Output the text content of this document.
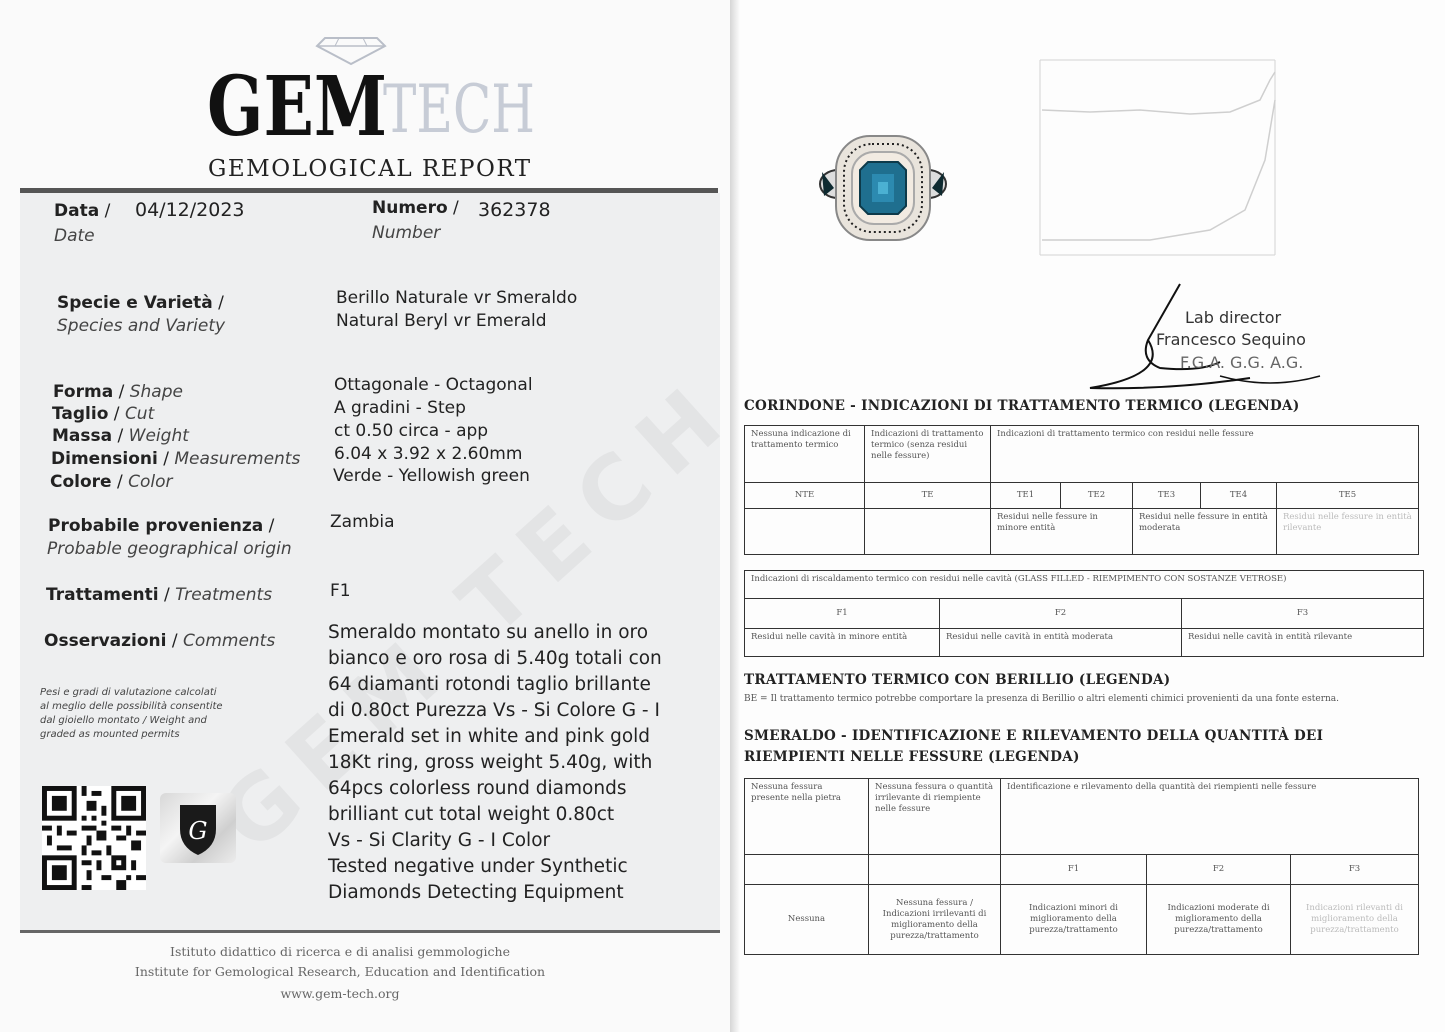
GEM
TECH
GEMOLOGICAL REPORT
Data / 04/12/2023
Date
Numero / 362378
Number
Specie e Varietà /
Species and Variety
Berillo Naturale vr Smeraldo
Natural Beryl vr Emerald
Forma / Shape	Ottagonale - Octagonal
Taglio / Cut	A gradini - Step
Massa / Weight	ct 0.50 circa - app
Dimensioni / Measurements 6.04 x 3.92 x 2.60mm
Colore / Color	Verde - Yellowish green
Probabile provenienza /
Probable geographical origin
Zambia
Trattamenti / Treatments	F1
Osservazioni / Comments	Smeraldo montato su anello in oro
bianco e oro rosa di 5.40g totali con
64 diamanti rotondi taglio brillante
di 0.80ct Purezza Vs - Si Colore G - I
Emerald set in white and pink gold
18Kt ring, gross weight 5.40g, with
64pcs colorless round diamonds
brilliant cut total weight 0.80ct
Vs - Si Clarity G - I Color
Tested negative under Synthetic
Diamonds Detecting Equipment
Pesi e gradi di valutazione calcolati
al meglio delle possibilità consentite
dal gioiello montato / Weight and
graded as mounted permits
G
Istituto didattico di ricerca e di analisi gemmologiche
Institute for Gemological Research, Education and Identification
www.gem-tech.org
Lab director
Francesco Sequino
F.G.A. G.G. A.G.
CORINDONE - INDICAZIONI DI TRATTAMENTO TERMICO (LEGENDA)
Nessuna indicazione di trattamento termico	Indicazioni di trattamento termico (senza residui nelle fessure)	Indicazioni di trattamento termico con residui nelle fessure				
NTE	TE	TE1	TE2	TE3	TE4	TE5
		Residui nelle fessure in minore entità		Residui nelle fessure in entità moderata		Residui nelle fessure in entità rilevante
Indicazioni di riscaldamento termico con residui nelle cavità (GLASS FILLED - RIEMPIMENTO CON SOSTANZE VETROSE)		
F1	F2	F3
Residui nelle cavità in minore entità	Residui nelle cavità in entità moderata	Residui nelle cavità in entità rilevante
TRATTAMENTO TERMICO CON BERILLIO (LEGENDA)
BE = Il trattamento termico potrebbe comportare la presenza di Berillio o altri elementi chimici provenienti da una fonte esterna.
SMERALDO - IDENTIFICAZIONE E RILEVAMENTO DELLA QUANTITÀ DEI
RIEMPIENTI NELLE FESSURE (LEGENDA)
Nessuna fessura presente nella pietra	Nessuna fessura o quantità irrilevante di riempiente nelle fessure	Identificazione e rilevamento della quantità dei riempienti nelle fessure		
		F1	F2	F3
Nessuna	Nessuna fessura / Indicazioni irrilevanti di miglioramento della purezza/trattamento	Indicazioni minori di miglioramento della purezza/trattamento	Indicazioni moderate di miglioramento della purezza/trattamento	Indicazioni rilevanti di miglioramento della purezza/trattamento
